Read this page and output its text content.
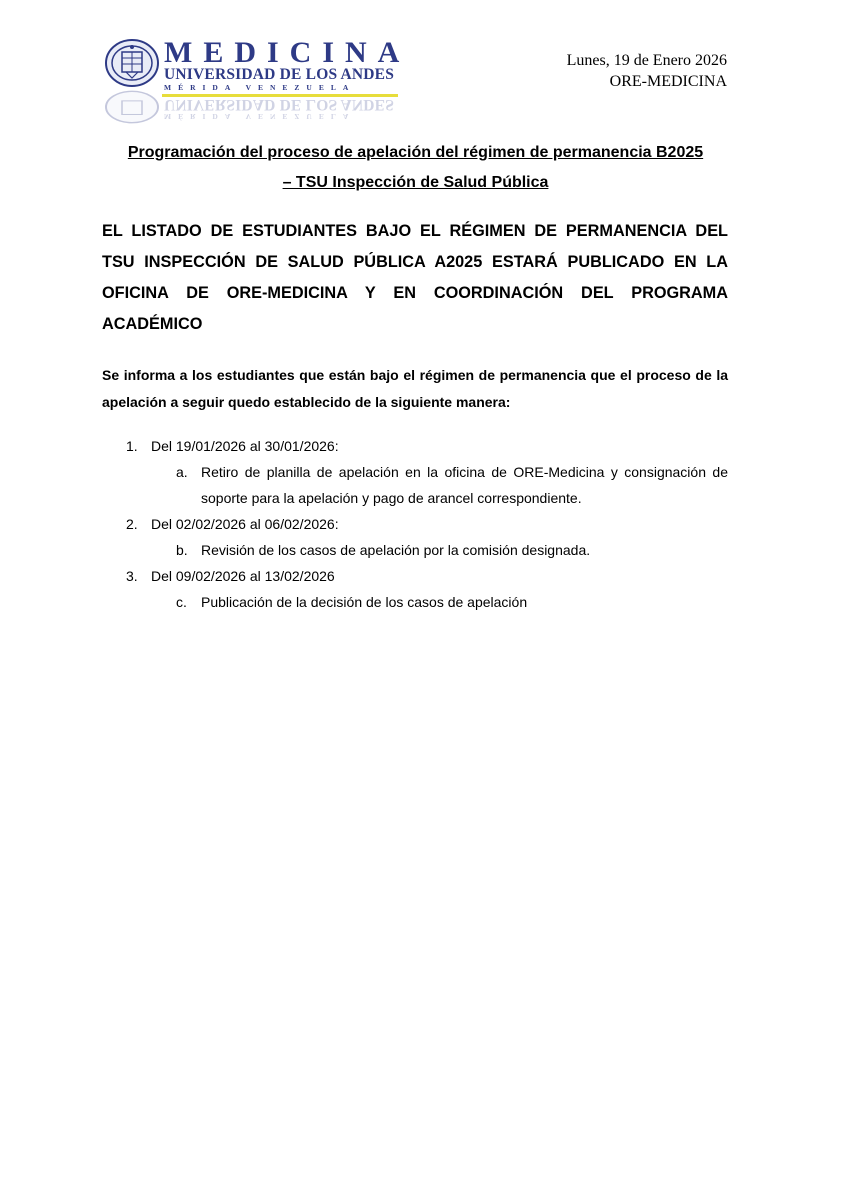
MEDICINA
UNIVERSIDAD DE LOS ANDES
MÉRIDA VENEZUELA
MÉRIDA VENEZUELA
UNIVERSIDAD DE LOS ANDES
Lunes, 19 de Enero 2026
ORE-MEDICINA
Programación del proceso de apelación del régimen de permanencia B2025
– TSU Inspección de Salud Pública
EL LISTADO DE ESTUDIANTES BAJO EL RÉGIMEN DE PERMANENCIA DEL
TSU INSPECCIÓN DE SALUD PÚBLICA A2025 ESTARÁ PUBLICADO EN LA
OFICINA DE ORE-MEDICINA Y EN COORDINACIÓN DEL PROGRAMA
ACADÉMICO
Se informa a los estudiantes que están bajo el régimen de permanencia que el proceso de la
apelación a seguir quedo establecido de la siguiente manera:
1. Del 19/01/2026 al 30/01/2026:
a. Retiro de planilla de apelación en la oficina de ORE-Medicina y consignación de
soporte para la apelación y pago de arancel correspondiente.
2. Del 02/02/2026 al 06/02/2026:
b. Revisión de los casos de apelación por la comisión designada.
3. Del 09/02/2026 al 13/02/2026
c. Publicación de la decisión de los casos de apelación
